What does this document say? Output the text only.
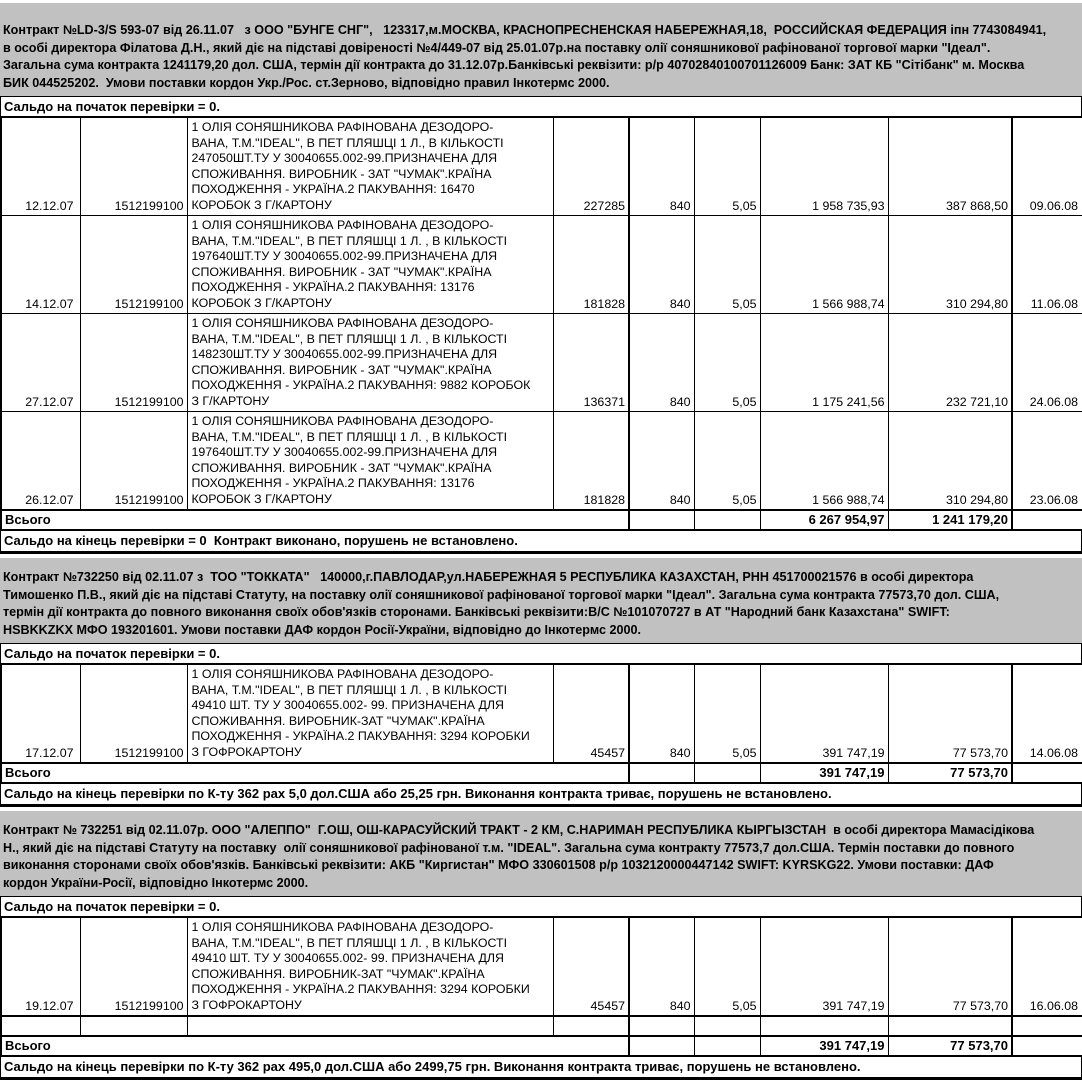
Контракт №LD-3/S 593-07 від 26.11.07   з ООО "БУНГЕ СНГ",   123317,м.МОСКВА, КРАСНОПРЕСНЕНСКАЯ НАБЕРЕЖНАЯ,18,  РОССИЙСКАЯ ФЕДЕРАЦИЯ іпн 7743084941,
в особі директора Філатова Д.Н., який діє на підставі довіреності №4/449-07 від 25.01.07р.на поставку олії соняшникової рафінованої торгової марки "Ідеал".
Загальна сума контракта 1241179,20 дол. США, термін дії контракта до 31.12.07р.Банківські реквізити: р/р 40702840100701126009 Банк: ЗАТ КБ "Сітібанк" м. Москва
БИК 044525202.  Умови поставки кордон Укр./Рос. ст.Зерново, відповідно правил Інкотермс 2000.
Сальдо на початок перевірки = 0.
12.12.07	1512199100	1 ОЛІЯ СОНЯШНИКОВА РАФІНОВАНА ДЕЗОДОРО-
ВАНА, Т.М."IDEAL", В ПЕТ ПЛЯШЦІ 1 Л., В КІЛЬКОСТІ
247050ШТ.ТУ У 30040655.002-99.ПРИЗНАЧЕНА ДЛЯ
СПОЖИВАННЯ. ВИРОБНИК - ЗАТ "ЧУМАК".КРАЇНА
ПОХОДЖЕННЯ - УКРАЇНА.2 ПАКУВАННЯ: 16470
КОРОБОК З Г/КАРТОНУ	227285	840	5,05	1 958 735,93	387 868,50	09.06.08
14.12.07	1512199100	1 ОЛІЯ СОНЯШНИКОВА РАФІНОВАНА ДЕЗОДОРО-
ВАНА, Т.М."IDEAL", В ПЕТ ПЛЯШЦІ 1 Л. , В КІЛЬКОСТІ
197640ШТ.ТУ У 30040655.002-99.ПРИЗНАЧЕНА ДЛЯ
СПОЖИВАННЯ. ВИРОБНИК - ЗАТ "ЧУМАК".КРАЇНА
ПОХОДЖЕННЯ - УКРАЇНА.2 ПАКУВАННЯ: 13176
КОРОБОК З Г/КАРТОНУ	181828	840	5,05	1 566 988,74	310 294,80	11.06.08
27.12.07	1512199100	1 ОЛІЯ СОНЯШНИКОВА РАФІНОВАНА ДЕЗОДОРО-
ВАНА, Т.М."IDEAL", В ПЕТ ПЛЯШЦІ 1 Л. , В КІЛЬКОСТІ
148230ШТ.ТУ У 30040655.002-99.ПРИЗНАЧЕНА ДЛЯ
СПОЖИВАННЯ. ВИРОБНИК - ЗАТ "ЧУМАК".КРАЇНА
ПОХОДЖЕННЯ - УКРАЇНА.2 ПАКУВАННЯ: 9882 КОРОБОК
З Г/КАРТОНУ	136371	840	5,05	1 175 241,56	232 721,10	24.06.08
26.12.07	1512199100	1 ОЛІЯ СОНЯШНИКОВА РАФІНОВАНА ДЕЗОДОРО-
ВАНА, Т.М."IDEAL", В ПЕТ ПЛЯШЦІ 1 Л. , В КІЛЬКОСТІ
197640ШТ.ТУ У 30040655.002-99.ПРИЗНАЧЕНА ДЛЯ
СПОЖИВАННЯ. ВИРОБНИК - ЗАТ "ЧУМАК".КРАЇНА
ПОХОДЖЕННЯ - УКРАЇНА.2 ПАКУВАННЯ: 13176
КОРОБОК З Г/КАРТОНУ	181828	840	5,05	1 566 988,74	310 294,80	23.06.08
Всього						6 267 954,97	1 241 179,20	
Сальдо на кінець перевірки = 0  Контракт виконано, порушень не встановлено.
Контракт №732250 від 02.11.07 з  ТОО "ТОККАТА"   140000,г.ПАВЛОДАР,ул.НАБЕРЕЖНАЯ 5 РЕСПУБЛИКА КАЗАХСТАН, РНН 451700021576 в особі директора
Тимошенко П.В., який діє на підставі Статуту, на поставку олії соняшникової рафінованої торгової марки "Ідеал". Загальна сума контракта 77573,70 дол. США,
термін дії контракта до повного виконання своїх обов'язків сторонами. Банківські реквізити:В/С №101070727 в АТ "Народний банк Казахстана" SWIFT:
HSBKKZKX МФО 193201601. Умови поставки ДАФ кордон Росії-України, відповідно до Інкотермс 2000.
Сальдо на початок перевірки = 0.
17.12.07	1512199100	1 ОЛІЯ СОНЯШНИКОВА РАФІНОВАНА ДЕЗОДОРО-
ВАНА, Т.М."IDEAL", В ПЕТ ПЛЯШЦІ 1 Л. , В КІЛЬКОСТІ
49410 ШТ. ТУ У 30040655.002- 99. ПРИЗНАЧЕНА ДЛЯ
СПОЖИВАННЯ. ВИРОБНИК-ЗАТ "ЧУМАК".КРАЇНА
ПОХОДЖЕННЯ - УКРАЇНА.2 ПАКУВАННЯ: 3294 КОРОБКИ
З ГОФРОКАРТОНУ	45457	840	5,05	391 747,19	77 573,70	14.06.08
Всього						391 747,19	77 573,70	
Сальдо на кінець перевірки по К-ту 362 рах 5,0 дол.США або 25,25 грн. Виконання контракта триває, порушень не встановлено.
Контракт № 732251 від 02.11.07р. ООО "АЛЕППО"  Г.ОШ, ОШ-КАРАСУЙСКИЙ ТРАКТ - 2 КМ, С.НАРИМАН РЕСПУБЛИКА КЫРГЫЗСТАН  в особі директора Мамасідікова
Н., який діє на підставі Статуту на поставку  олії соняшникової рафінованої т.м. "IDEAL". Загальна сума контракту 77573,7 дол.США. Термін поставки до повного
виконання сторонами своїх обов'язків. Банківські реквізити: АКБ "Киргистан" МФО 330601508 р/р 1032120000447142 SWIFT: KYRSKG22. Умови поставки: ДАФ
кордон України-Росії, відповідно Інкотермс 2000.
Сальдо на початок перевірки = 0.
19.12.07	1512199100	1 ОЛІЯ СОНЯШНИКОВА РАФІНОВАНА ДЕЗОДОРО-
ВАНА, Т.М."IDEAL", В ПЕТ ПЛЯШЦІ 1 Л. , В КІЛЬКОСТІ
49410 ШТ. ТУ У 30040655.002- 99. ПРИЗНАЧЕНА ДЛЯ
СПОЖИВАННЯ. ВИРОБНИК-ЗАТ "ЧУМАК".КРАЇНА
ПОХОДЖЕННЯ - УКРАЇНА.2 ПАКУВАННЯ: 3294 КОРОБКИ
З ГОФРОКАРТОНУ	45457	840	5,05	391 747,19	77 573,70	16.06.08

Всього						391 747,19	77 573,70	
Сальдо на кінець перевірки по К-ту 362 рах 495,0 дол.США або 2499,75 грн. Виконання контракта триває, порушень не встановлено.
